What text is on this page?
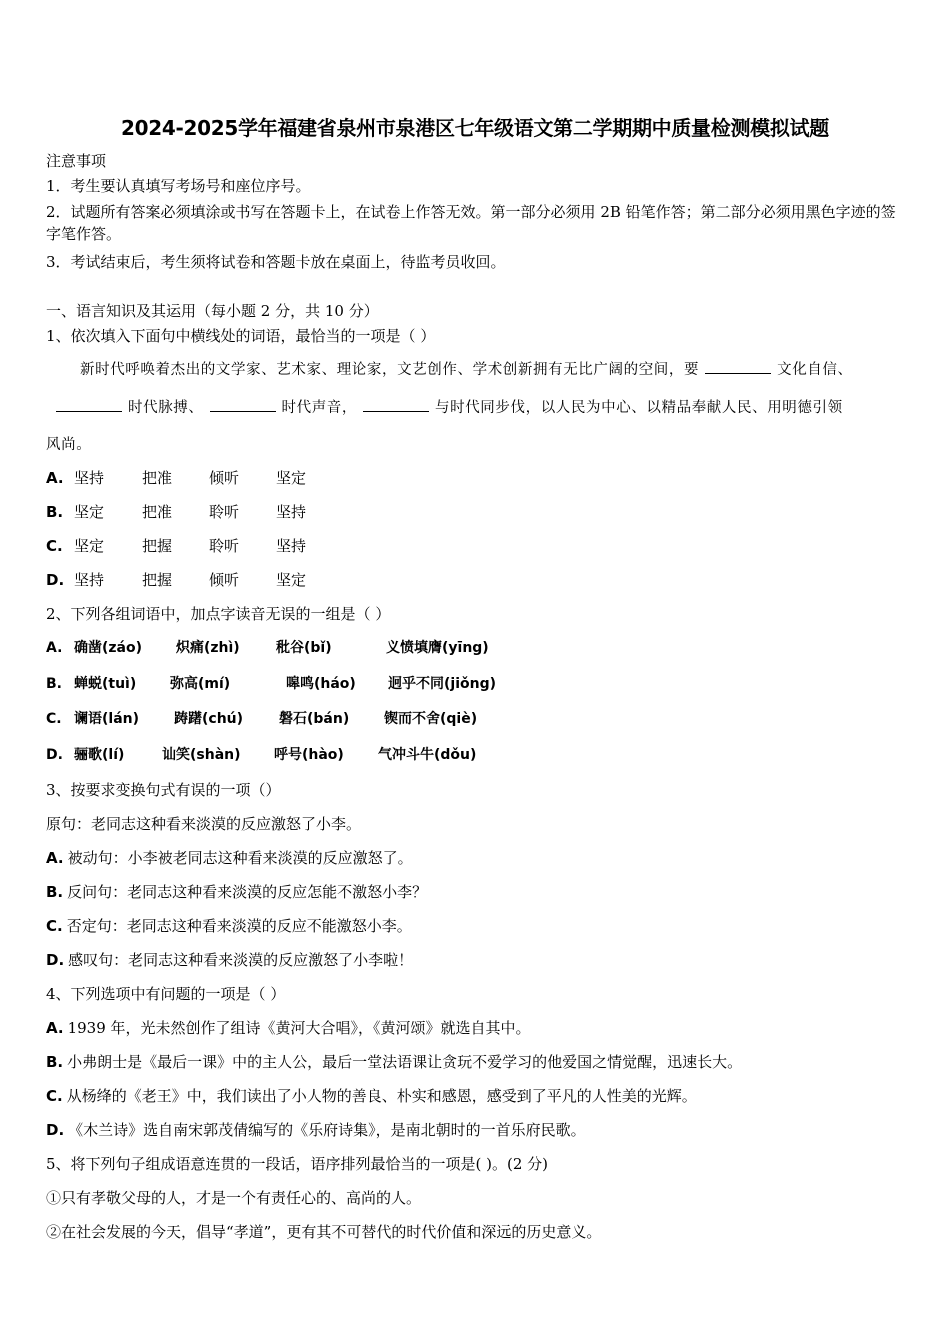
2024-2025学年福建省泉州市泉港区七年级语文第二学期期中质量检测模拟试题
注意事项
1．考生要认真填写考场号和座位序号。
2．试题所有答案必须填涂或书写在答题卡上，在试卷上作答无效。第一部分必须用 2B 铅笔作答；第二部分必须用黑色字迹的签字笔作答。
3．考试结束后，考生须将试卷和答题卡放在桌面上，待监考员收回。
一、语言知识及其运用（每小题 2 分，共 10 分）
1、依次填入下面句中横线处的词语，最恰当的一项是（ ）
新时代呼唤着杰出的文学家、艺术家、理论家，文艺创作、学术创新拥有无比广阔的空间，要	文化自信、
时代脉搏、	时代声音，	与时代同步伐，以人民为中心、以精品奉献人民、用明德引领
风尚。
A. 坚持	把准 倾听 坚定
B. 坚定	把准 聆听 坚持
C. 坚定	把握 聆听 坚持
D. 坚持	把握 倾听 坚定
2、下列各组词语中，加点字读音无误的一组是（ ）
A. 确凿(záo) 炽痛(zhì)	秕谷(bǐ)	义愤填膺(yīng)
B. 蝉蜕(tuì) 弥高(mí)	嗥鸣(háo) 迥乎不同(jiǒng)
C. 谰语(lán) 踌躇(chú)	磐石(bán) 锲而不舍(qiè)
D. 骊歌(lí)	讪笑(shàn) 呼号(hào) 气冲斗牛(dǒu)
3、按要求变换句式有误的一项（）
原句：老同志这种看来淡漠的反应激怒了小李。
A. 被动句：小李被老同志这种看来淡漠的反应激怒了。
B. 反问句：老同志这种看来淡漠的反应怎能不激怒小李？
C. 否定句：老同志这种看来淡漠的反应不能激怒小李。
D. 感叹句：老同志这种看来淡漠的反应激怒了小李啦！
4、下列选项中有问题的一项是（ ）
A. 1939 年，光未然创作了组诗《黄河大合唱》，《黄河颂》就选自其中。
B. 小弗朗士是《最后一课》中的主人公，最后一堂法语课让贪玩不爱学习的他爱国之情觉醒，迅速长大。
C. 从杨绛的《老王》中，我们读出了小人物的善良、朴实和感恩，感受到了平凡的人性美的光辉。
D. 《木兰诗》选自南宋郭茂倩编写的《乐府诗集》，是南北朝时的一首乐府民歌。
5、将下列句子组成语意连贯的一段话，语序排列最恰当的一项是( )。(2 分)
①只有孝敬父母的人，才是一个有责任心的、高尚的人。
②在社会发展的今天，倡导“孝道”，更有其不可替代的时代价值和深远的历史意义。
